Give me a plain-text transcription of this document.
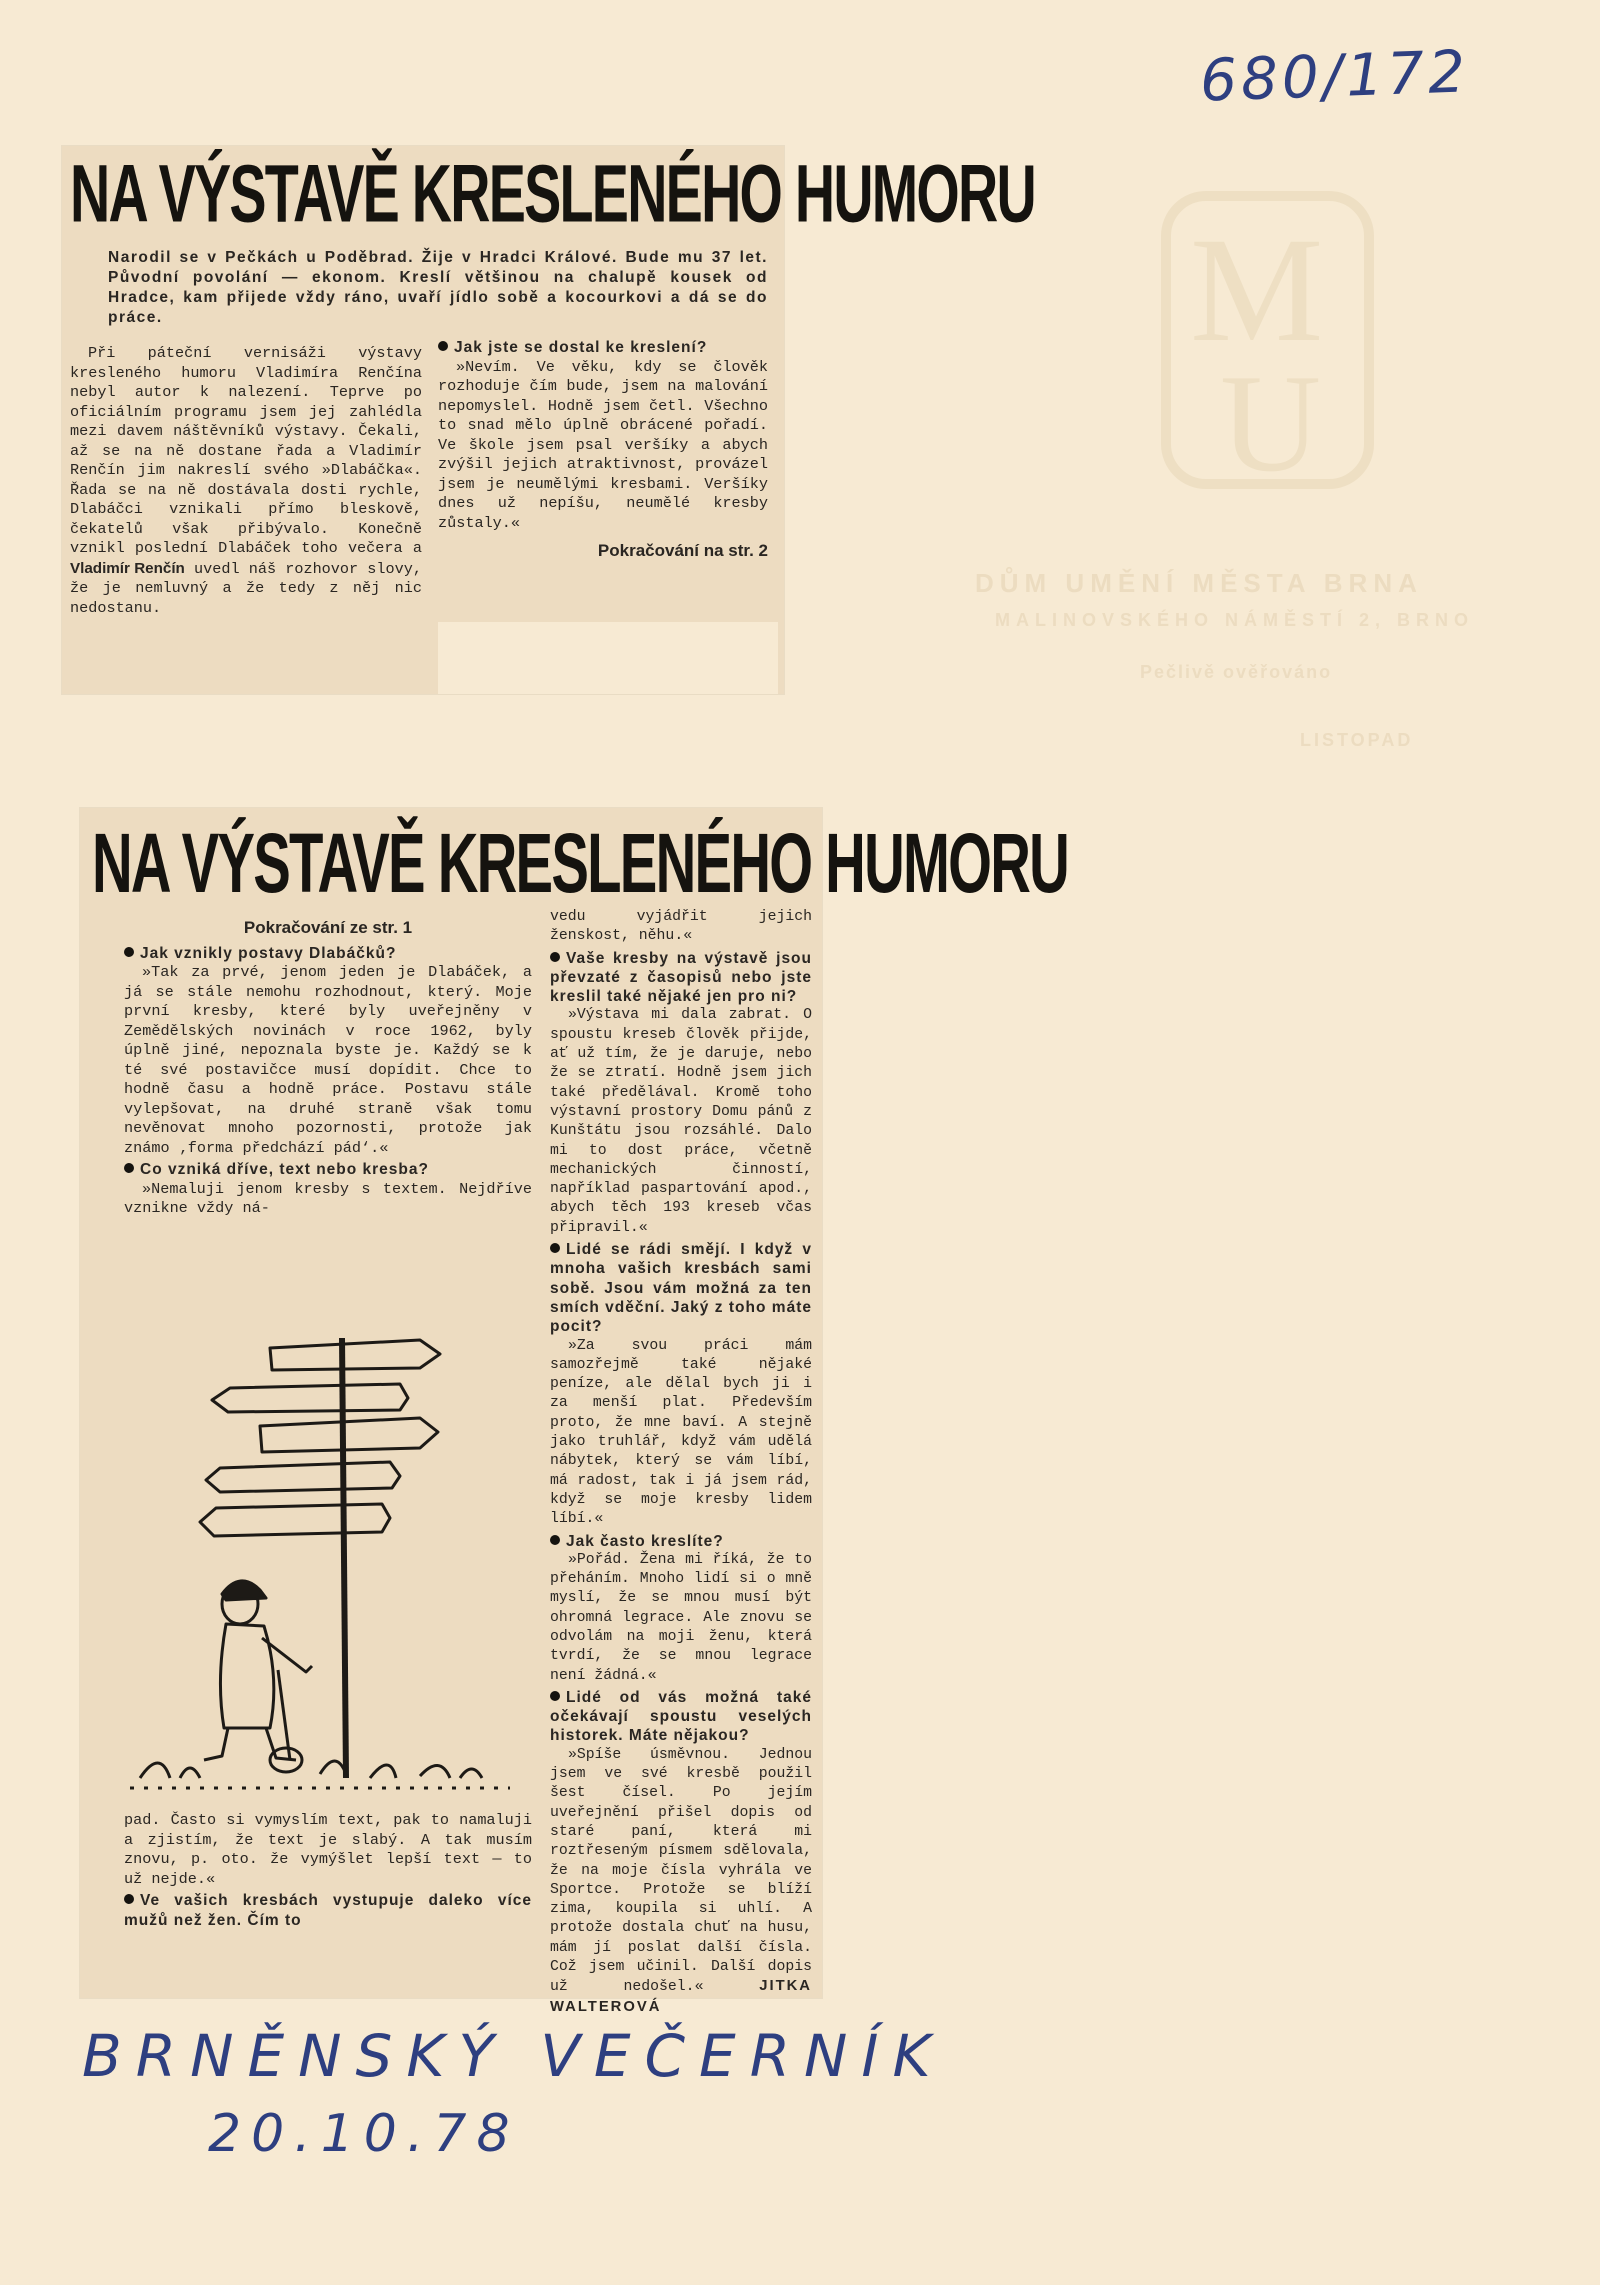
680/172
M
U
DŮM UMĚNÍ MĚSTA BRNA
MALINOVSKÉHO NÁMĚSTÍ 2, BRNO
Pečlivě ověřováno
LISTOPAD
NA VÝSTAVĚ KRESLENÉHO HUMORU
Narodil se v Pečkách u Poděbrad. Žije v Hradci Králové. Bude mu 37 let. Původní povolání — ekonom. Kreslí většinou na chalupě kousek od Hradce, kam přijede vždy ráno, uvaří jídlo sobě a kocourkovi a dá se do práce.

Při páteční vernisáži výstavy kresleného humoru Vladimíra Renčína nebyl autor k nalezení. Teprve po oficiálním programu jsem jej zahlédla mezi davem náštěvníků výstavy. Čekali, až se na ně dostane řada a Vladimír Renčín jim nakreslí svého »Dlabáčka«. Řada se na ně dostávala dosti rychle, Dlabáčci vznikali přímo bleskově, čekatelů však přibývalo. Konečně vznikl poslední Dlabáček toho večera a Vladimír Renčín uvedl náš rozhovor slovy, že je nemluvný a že tedy z něj nic nedostanu.

Jak jste se dostal ke kreslení?

»Nevím. Ve věku, kdy se člověk rozhoduje čím bude, jsem na malování nepomyslel. Hodně jsem četl. Všechno to snad mělo úplně obrácené pořadí. Ve škole jsem psal veršíky a abych zvýšil jejich atraktivnost, provázel jsem je neumělými kresbami. Veršíky dnes už nepíšu, neumělé kresby zůstaly.«

Pokračování na str. 2
NA VÝSTAVĚ KRESLENÉHO HUMORU
Pokračování ze str. 1
Jak vznikly postavy Dlabáčků?

»Tak za prvé, jenom jeden je Dlabáček, a já se stále nemohu rozhodnout, který. Moje první kresby, které byly uveřejněny v Zemědělských novinách v roce 1962, byly úplně jiné, nepoznala byste je. Každý se k té své postavičce musí dopídit. Chce to hodně času a hodně práce. Postavu stále vylepšovat, na druhé straně však tomu nevěnovat mnoho pozornosti, protože jak známo ‚forma předchází pád‘.«

Co vzniká dříve, text nebo kresba?

»Nemaluji jenom kresby s textem. Nejdříve vznikne vždy ná-

pad. Často si vymyslím text, pak to namaluji a zjistím, že text je slabý. A tak musím znovu, p. oto. že vymýšlet lepší text — to už nejde.«

Ve vašich kresbách vystupuje daleko více mužů než žen. Čím to

vedu vyjádřit jejich ženskost, něhu.«

Vaše kresby na výstavě jsou převzaté z časopisů nebo jste kreslil také nějaké jen pro ni?

»Výstava mi dala zabrat. O spoustu kreseb člověk přijde, ať už tím, že je daruje, nebo že se ztratí. Hodně jsem jich také předělával. Kromě toho výstavní prostory Domu pánů z Kunštátu jsou rozsáhlé. Dalo mi to dost práce, včetně mechanických činností, například paspartování apod., abych těch 193 kreseb včas připravil.«

Lidé se rádi smějí. I když v mnoha vašich kresbách sami sobě. Jsou vám možná za ten smích vděční. Jaký z toho máte pocit?

»Za svou práci mám samozřejmě také nějaké peníze, ale dělal bych ji i za menší plat. Především proto, že mne baví. A stejně jako truhlář, když vám udělá nábytek, který se vám líbí, má radost, tak i já jsem rád, když se moje kresby lidem líbí.«

Jak často kreslíte?

»Pořád. Žena mi říká, že to přeháním. Mnoho lidí si o mně myslí, že se mnou musí být ohromná legrace. Ale znovu se odvolám na moji ženu, která tvrdí, že se mnou legrace není žádná.«

Lidé od vás možná také očekávají spoustu veselých historek. Máte nějakou?

»Spíše úsměvnou. Jednou jsem ve své kresbě použil šest čísel. Po jejím uveřejnění přišel dopis od staré paní, která mi roztřeseným písmem sdělovala, že na moje čísla vyhrála ve Sportce. Protože se blíží zima, koupila si uhlí. A protože dostala chuť na husu, mám jí poslat další čísla. Což jsem učinil. Další dopis už nedošel.«	JITKA WALTEROVÁ

BRNĚNSKÝ VEČERNÍK
20.10.78
